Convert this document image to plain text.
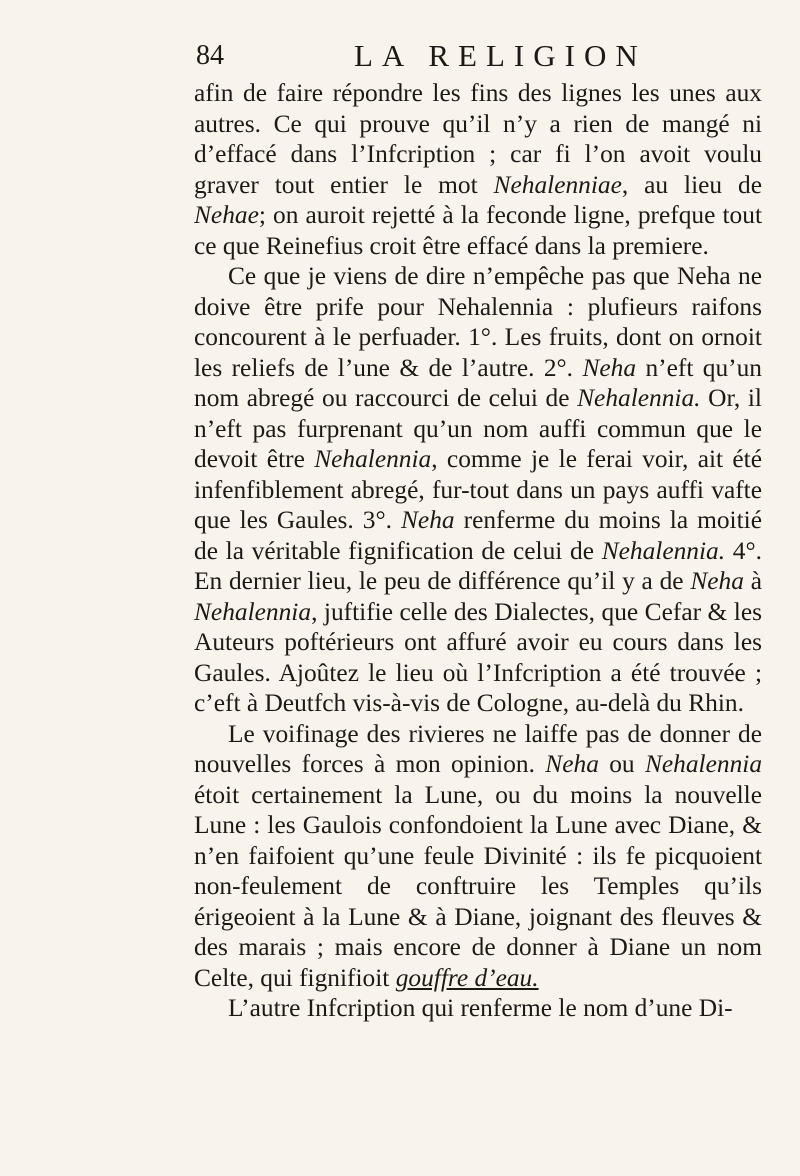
84	LA RELIGION

afin de faire répondre les fins des lignes les unes aux autres. Ce qui prouve qu’il n’y a rien de mangé ni d’effacé dans l’Infcription ; car fi l’on avoit voulu graver tout entier le mot Nehalenniae, au lieu de Nehae; on auroit rejetté à la feconde ligne, prefque tout ce que Reinefius croit être effacé dans la premiere.

Ce que je viens de dire n’empêche pas que Neha ne doive être prife pour Nehalennia : plufieurs raifons concourent à le perfuader. 1°. Les fruits, dont on ornoit les reliefs de l’une & de l’autre. 2°. Neha n’eft qu’un nom abregé ou raccourci de celui de Nehalennia. Or, il n’eft pas furprenant qu’un nom auffi commun que le devoit être Nehalennia, comme je le ferai voir, ait été infenfiblement abregé, fur-tout dans un pays auffi vafte que les Gaules. 3°. Neha renferme du moins la moitié de la véritable fignification de celui de Nehalennia. 4°. En dernier lieu, le peu de différence qu’il y a de Neha à Nehalennia, juftifie celle des Dialectes, que Cefar & les Auteurs poftérieurs ont affuré avoir eu cours dans les Gaules. Ajoûtez le lieu où l’Infcription a été trouvée ; c’eft à Deutfch vis-à-vis de Cologne, au-delà du Rhin.

Le voifinage des rivieres ne laiffe pas de donner de nouvelles forces à mon opinion. Neha ou Nehalennia étoit certainement la Lune, ou du moins la nouvelle Lune : les Gaulois confondoient la Lune avec Diane, & n’en faifoient qu’une feule Divinité : ils fe picquoient non-feulement de conftruire les Temples qu’ils érigeoient à la Lune & à Diane, joignant des fleuves & des marais ; mais encore de donner à Diane un nom Celte, qui fignifioit gouffre d’eau.

L’autre Infcription qui renferme le nom d’une Di-
